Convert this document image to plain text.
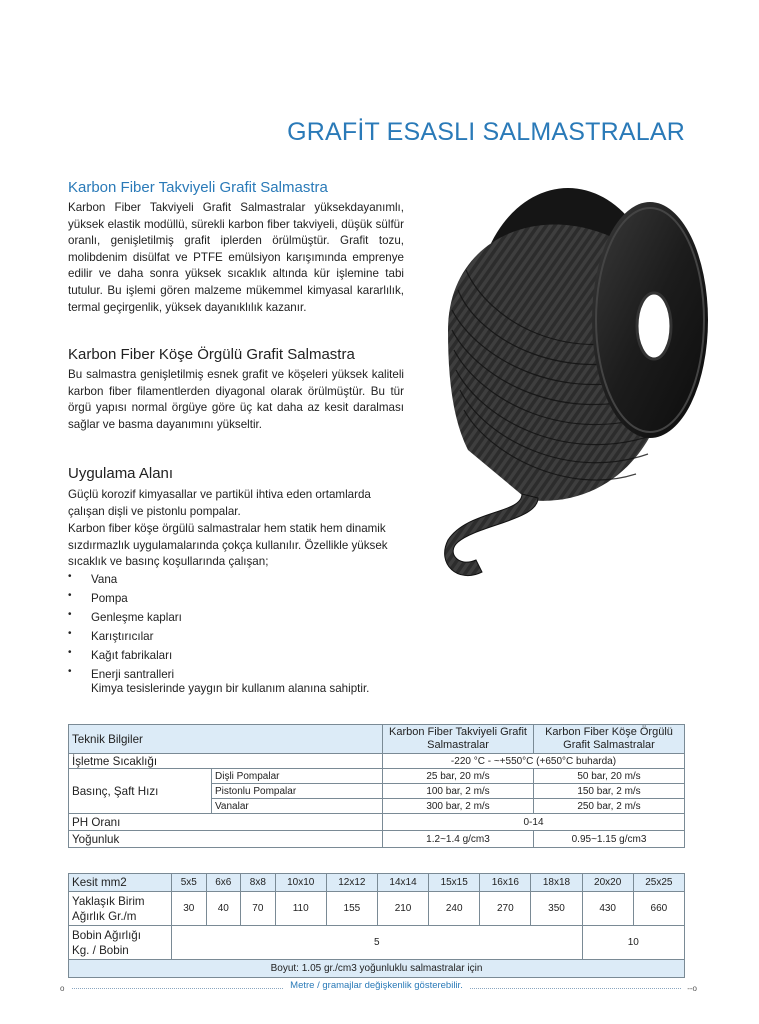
GRAFİT ESASLI SALMASTRALAR
Karbon Fiber Takviyeli Grafit Salmastra
Karbon Fiber Takviyeli Grafit Salmastralar yüksekdayanımlı, yüksek elastik modüllü, sürekli karbon fiber takviyeli, düşük sülfür oranlı, genişletilmiş grafit iplerden örülmüştür. Grafit tozu, molibdenim disülfat ve PTFE emülsiyon karışımında emprenye edilir ve daha sonra yüksek sıcaklık altında kür işlemine tabi tutulur. Bu işlemi gören malzeme mükemmel kimyasal kararlılık, termal geçirgenlik, yüksek dayanıklılık kazanır.
Karbon Fiber Köşe Örgülü Grafit Salmastra
Bu salmastra genişletilmiş esnek grafit ve köşeleri yüksek kaliteli karbon fiber filamentlerden diyagonal olarak örülmüştür. Bu tür örgü yapısı normal örgüye göre üç kat daha az kesit daralması sağlar ve basma dayanımını yükseltir.
Uygulama Alanı
Güçlü korozif kimyasallar ve partikül ihtiva eden ortamlarda çalışan dişli ve pistonlu pompalar.
Karbon fiber köşe örgülü salmastralar hem statik hem dinamik sızdırmazlık uygulamalarında çokça kullanılır. Özellikle yüksek sıcaklık ve basınç koşullarında çalışan;
• Vana
• Pompa
• Genleşme kapları
• Karıştırıcılar
• Kağıt fabrikaları
• Enerji santralleri
Kimya tesislerinde yaygın bir kullanım alanına sahiptir.
Teknik Bilgiler		Karbon Fiber Takviyeli Grafit Salmastralar	Karbon Fiber Köşe Örgülü Grafit Salmastralar
İşletme Sıcaklığı		-220 °C - ~+550°C (+650°C buharda)	
Basınç, Şaft Hızı	Dişli Pompalar	25 bar, 20 m/s	50 bar, 20 m/s
	Pistonlu Pompalar	100 bar, 2 m/s	150 bar, 2 m/s
	Vanalar	300 bar, 2 m/s	250 bar, 2 m/s
PH Oranı		0-14	
Yoğunluk		1.2~1.4 g/cm3	0.95~1.15 g/cm3
Kesit mm2	5x5	6x6	8x8	10x10	12x12	14x14	15x15	16x16	18x18	20x20	25x25

Yaklaşık Birim
Ağırlık Gr./m	30	40	70	110	155	210	240	270	350	430	660

Bobin Ağırlığı
Kg. / Bobin	5									10	
Boyut: 1.05 gr./cm3 yoğunluklu salmastralar için											
o	Metre / gramajlar değişkenlik gösterebilir.	--o
